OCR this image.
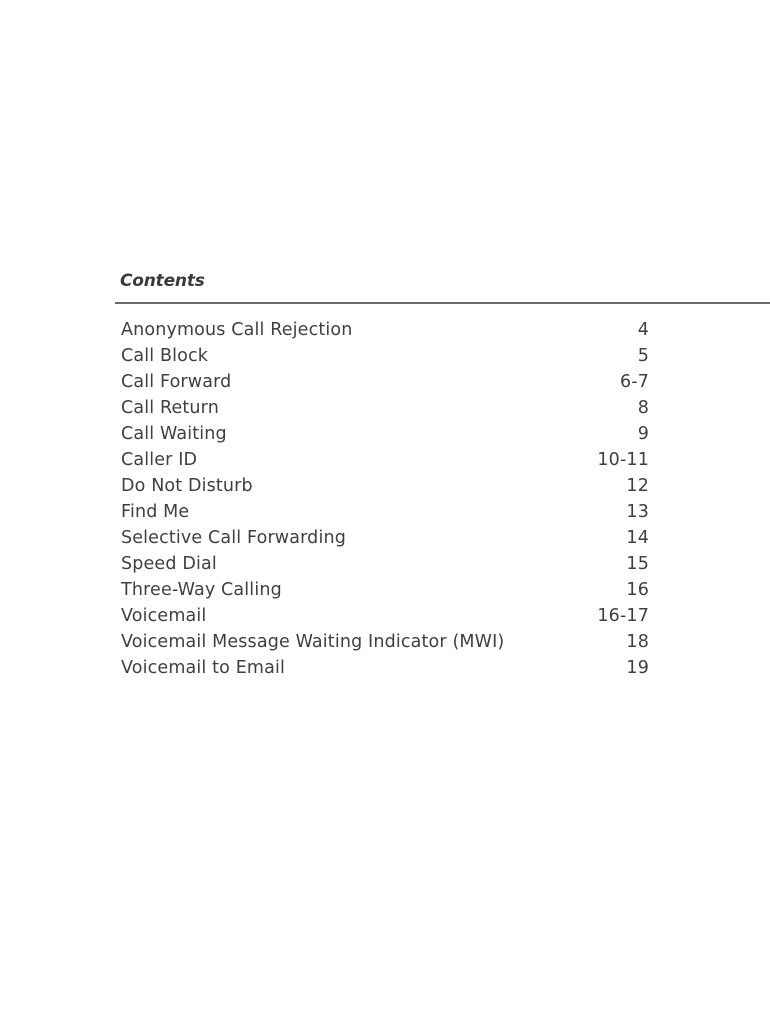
Contents
Anonymous Call Rejection	4
Call Block	5
Call Forward	6-7
Call Return	8
Call Waiting	9
Caller ID	10-11
Do Not Disturb	12
Find Me	13
Selective Call Forwarding	14
Speed Dial	15
Three-Way Calling	16
Voicemail	16-17
Voicemail Message Waiting Indicator (MWI)	18
Voicemail to Email	19
